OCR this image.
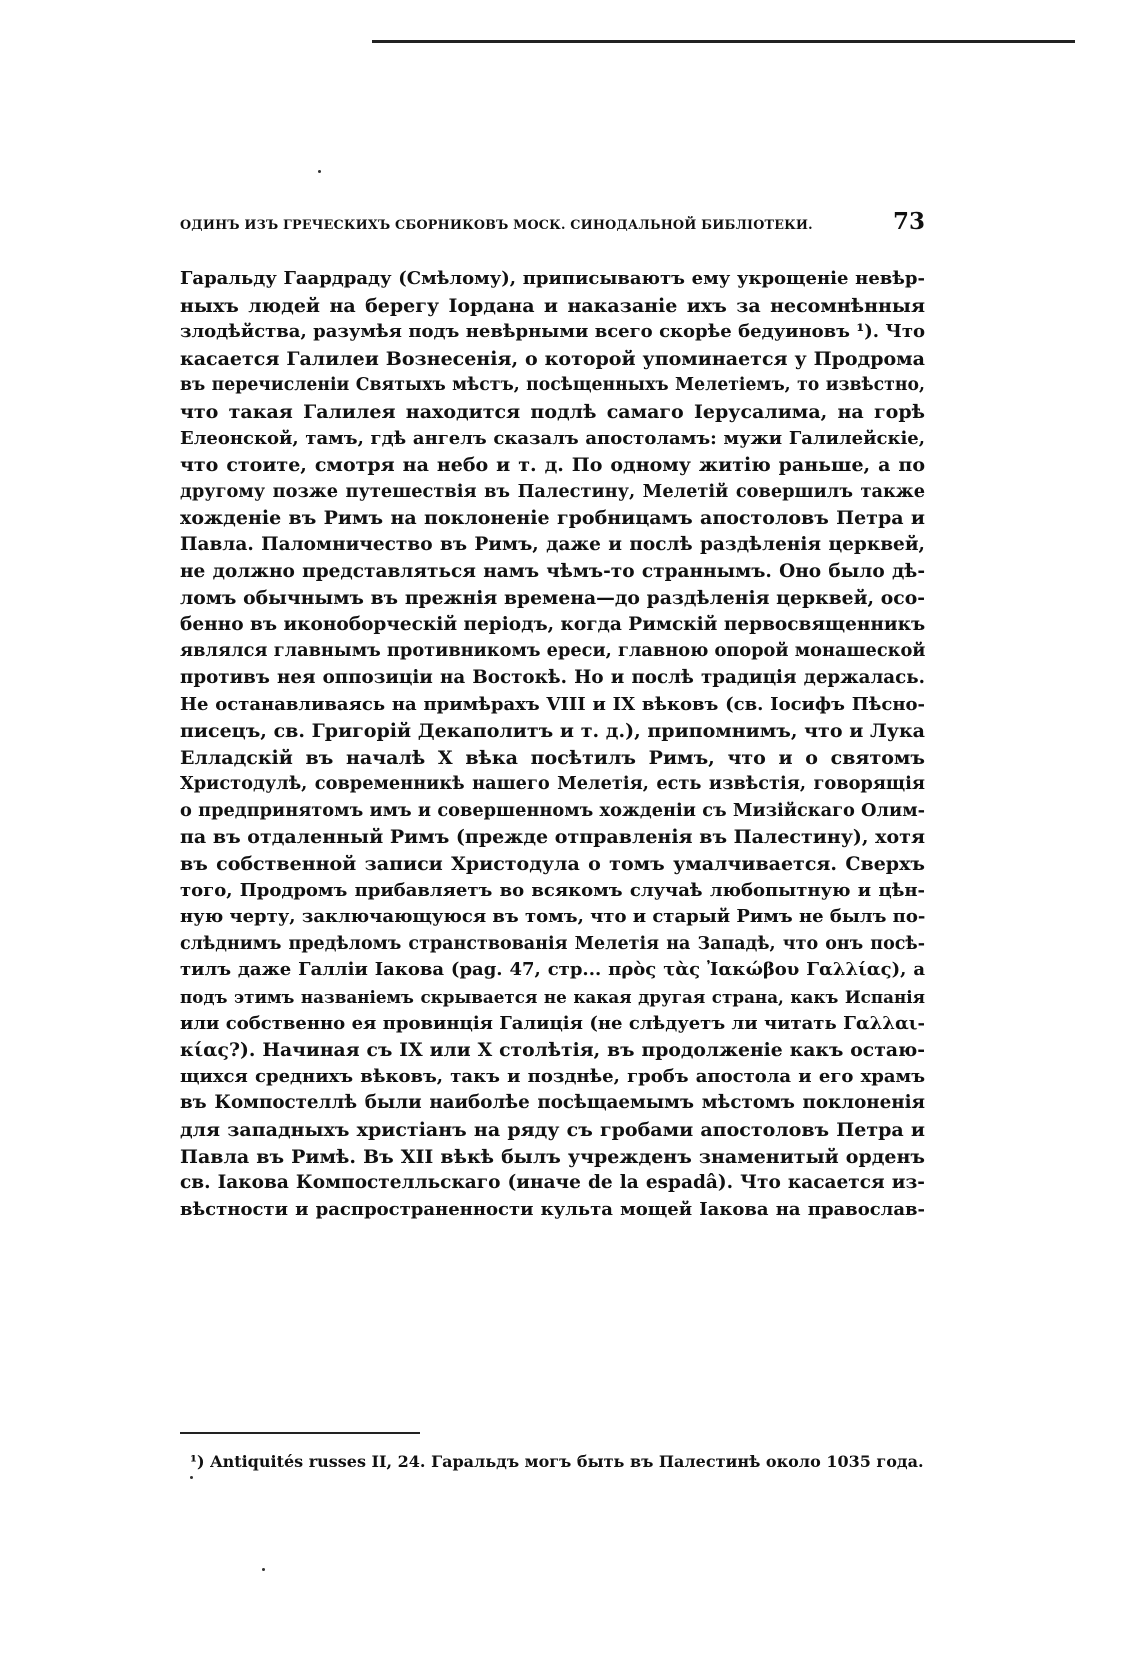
ОДИНЪ ИЗЪ ГРЕЧЕСКИХЪ СБОРНИКОВЪ МОСК. СИНОДАЛЬНОЙ БИБЛІОТЕКИ.	73
Гаральду Гаардраду (Смѣлому), приписываютъ ему укрощеніе невѣр-
ныхъ людей на берегу Іордана и наказаніе ихъ за несомнѣнныя
злодѣйства, разумѣя подъ невѣрными всего скорѣе бедуиновъ ¹). Что
касается Галилеи Вознесенія, о которой упоминается у Продрома
въ перечисленіи Святыхъ мѣстъ, посѣщенныхъ Мелетіемъ, то извѣстно,
что такая Галилея находится подлѣ самаго Іерусалима, на горѣ
Елеонской, тамъ, гдѣ ангелъ сказалъ апостоламъ: мужи Галилейскіе,
что стоите, смотря на небо и т. д. По одному житію раньше, а по
другому позже путешествія въ Палестину, Мелетій совершилъ также
хожденіе въ Римъ на поклоненіе гробницамъ апостоловъ Петра и
Павла. Паломничество въ Римъ, даже и послѣ раздѣленія церквей,
не должно представляться намъ чѣмъ-то страннымъ. Оно было дѣ-
ломъ обычнымъ въ прежнія времена—до раздѣленія церквей, осо-
бенно въ иконоборческій періодъ, когда Римскій первосвященникъ
являлся главнымъ противникомъ ереси, главною опорой монашеской
противъ нея оппозиціи на Востокѣ. Но и послѣ традиція держалась.
Не останавливаясь на примѣрахъ VIII и IX вѣковъ (св. Іосифъ Пѣсно-
писецъ, св. Григорій Декаполитъ и т. д.), припомнимъ, что и Лука
Елладскій въ началѣ X вѣка посѣтилъ Римъ, что и о святомъ
Христодулѣ, современникѣ нашего Мелетія, есть извѣстія, говорящія
о предпринятомъ имъ и совершенномъ хожденіи съ Мизійскаго Олим-
па въ отдаленный Римъ (прежде отправленія въ Палестину), хотя
въ собственной записи Христодула о томъ умалчивается. Сверхъ
того, Продромъ прибавляетъ во всякомъ случаѣ любопытную и цѣн-
ную черту, заключающуюся въ томъ, что и старый Римъ не былъ по-
слѣднимъ предѣломъ странствованія Мелетія на Западѣ, что онъ посѣ-
тилъ даже Галліи Іакова (pag. 47, стр... πρὸς τὰς Ἰακώβου Γαλλίας), а
подъ этимъ названіемъ скрывается не какая другая страна, какъ Испанія
или собственно ея провинція Галиція (не слѣдуетъ ли читать Γαλλαι-
κίας?). Начиная съ IX или X столѣтія, въ продолженіе какъ остаю-
щихся среднихъ вѣковъ, такъ и позднѣе, гробъ апостола и его храмъ
въ Компостеллѣ были наиболѣе посѣщаемымъ мѣстомъ поклоненія
для западныхъ христіанъ на ряду съ гробами апостоловъ Петра и
Павла въ Римѣ. Въ XII вѣкѣ былъ учрежденъ знаменитый орденъ
св. Іакова Компостелльскаго (иначе de la espadâ). Что касается из-
вѣстности и распространенности культа мощей Іакова на православ-
¹) Antiquités russes II, 24. Гаральдъ могъ быть въ Палестинѣ около 1035 года.
